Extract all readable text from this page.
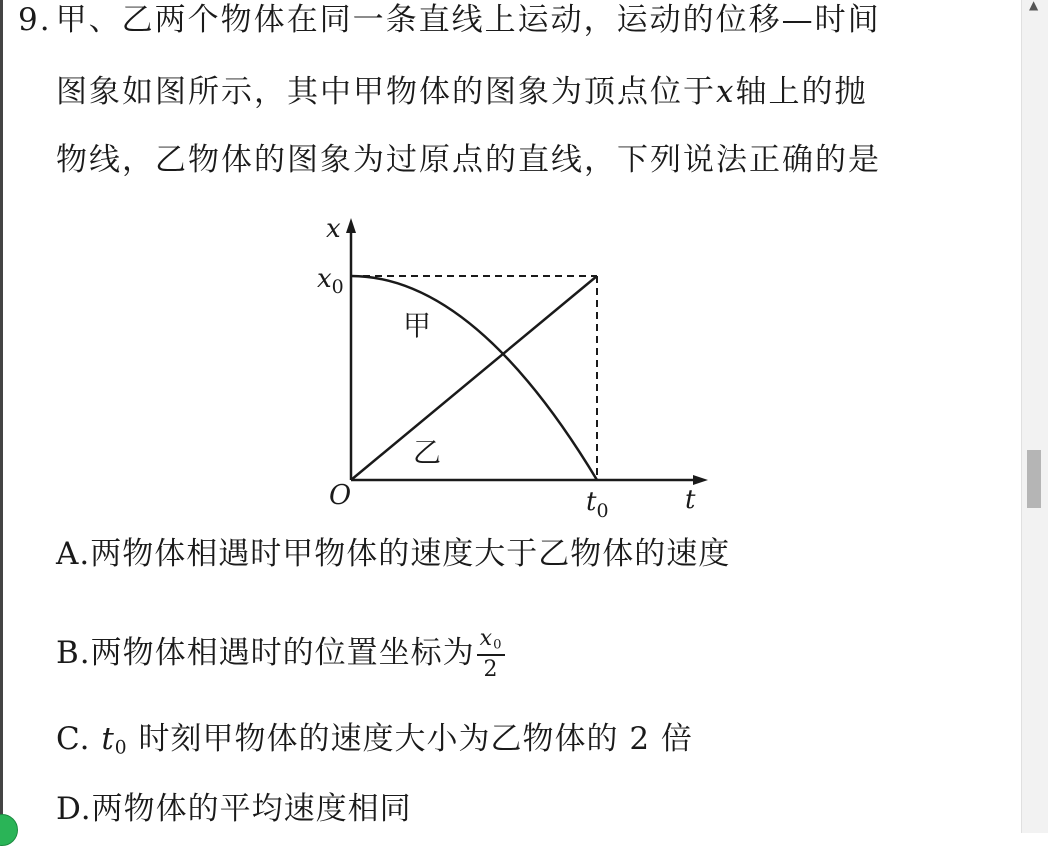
9. 甲、乙两个物体在同一条直线上运动，运动的位移—时间
图象如图所示，其中甲物体的图象为顶点位于x轴上的抛
物线，乙物体的图象为过原点的直线，下列说法正确的是
x
$x_0$
O	$t_0$	t
甲
乙
A.两物体相遇时甲物体的速度大于乙物体的速度
B.两物体相遇时的位置坐标为 $\frac{x_0}{2}$
C. $t_0$ 时刻甲物体的速度大小为乙物体的 2 倍
D.两物体的平均速度相同
▲
